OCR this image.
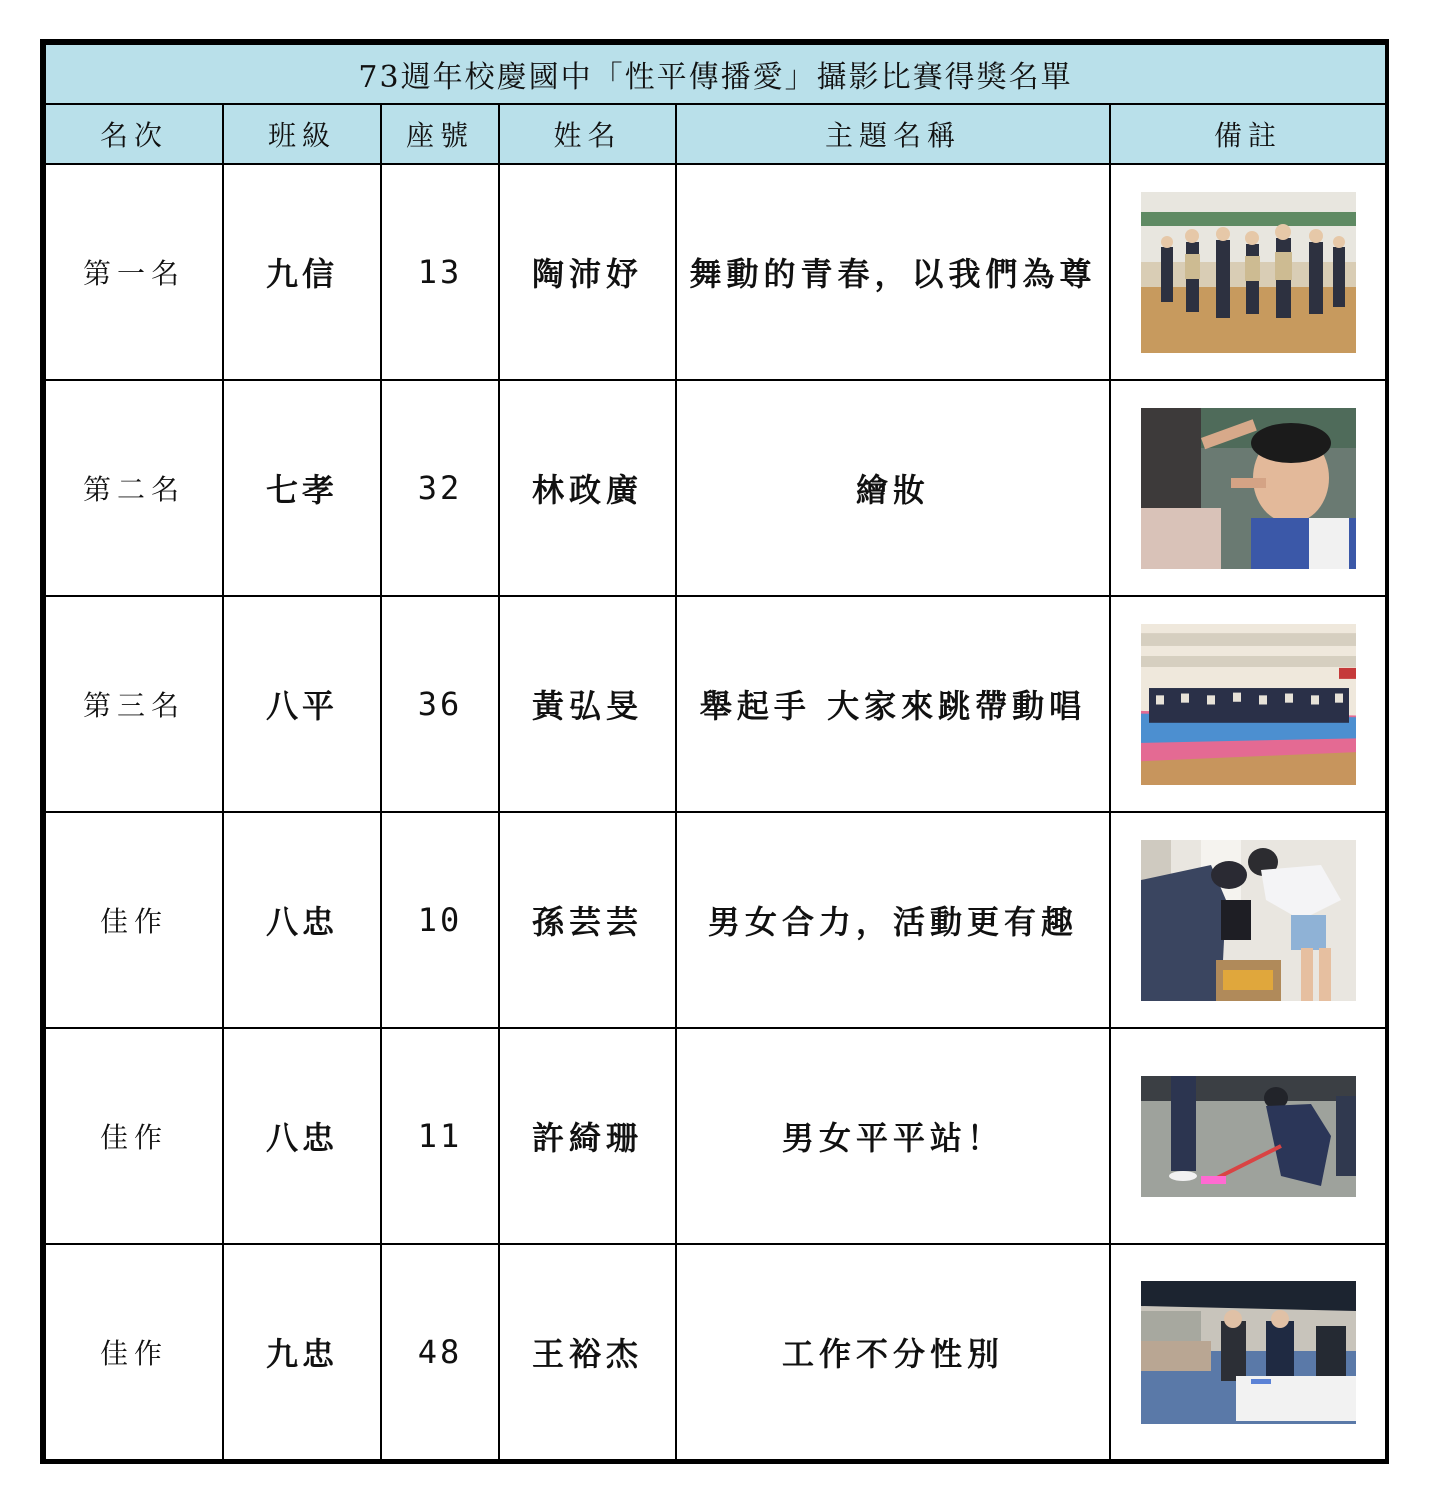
73週年校慶國中「性平傳播愛」攝影比賽得獎名單					
名次	班級	座號	姓名	主題名稱	備註
第一名	九信	13	陶沛妤	舞動的青春，以我們為尊	

第二名	七孝	32	林政廣	繪妝	

第三名	八平	36	黃弘旻	舉起手 大家來跳帶動唱	

佳作	八忠	10	孫芸芸	男女合力，活動更有趣	

佳作	八忠	11	許綺珊	男女平平站！	

佳作	九忠	48	王裕杰	工作不分性別	
